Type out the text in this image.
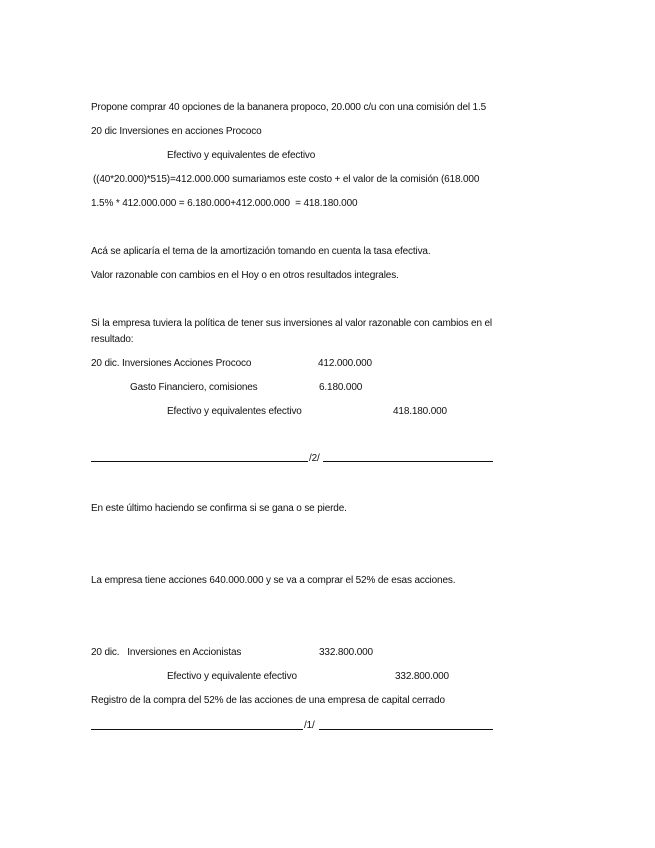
Propone comprar 40 opciones de la bananera propoco, 20.000 c/u con una comisión del 1.5
20 dic Inversiones en acciones Prococo
Efectivo y equivalentes de efectivo
((40*20.000)*515)=412.000.000 sumariamos este costo + el valor de la comisión (618.000
1.5% * 412.000.000 = 6.180.000+412.000.000  = 418.180.000
Acá se aplicaría el tema de la amortización tomando en cuenta la tasa efectiva.
Valor razonable con cambios en el Hoy o en otros resultados integrales.
Si la empresa tuviera la política de tener sus inversiones al valor razonable con cambios en el
resultado:
20 dic. Inversiones Acciones Prococo	412.000.000
Gasto Financiero, comisiones	6.180.000
Efectivo y equivalentes efectivo	418.180.000
/2/
En este último haciendo se confirma si se gana o se pierde.
La empresa tiene acciones 640.000.000 y se va a comprar el 52% de esas acciones.
20 dic.   Inversiones en Accionistas	332.800.000
Efectivo y equivalente efectivo	332.800.000
Registro de la compra del 52% de las acciones de una empresa de capital cerrado
/1/
